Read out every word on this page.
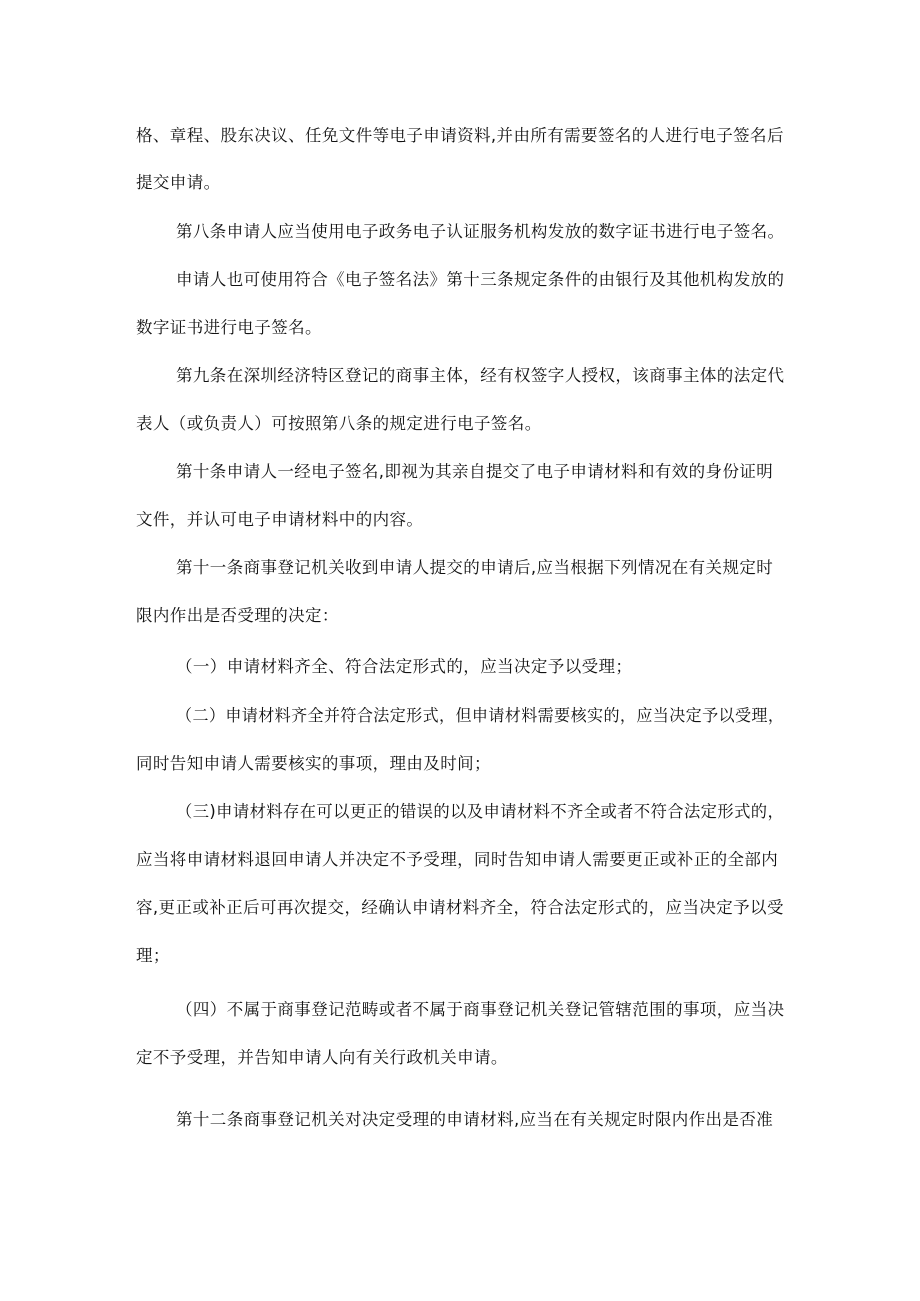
格、章程、股东决议、任免文件等电子申请资料,并由所有需要签名的人进行电子签名后
提交申请。
第八条申请人应当使用电子政务电子认证服务机构发放的数字证书进行电子签名。
申请人也可使用符合《电子签名法》第十三条规定条件的由银行及其他机构发放的
数字证书进行电子签名。
第九条在深圳经济特区登记的商事主体，经有权签字人授权，该商事主体的法定代
表人（或负责人）可按照第八条的规定进行电子签名。
第十条申请人一经电子签名,即视为其亲自提交了电子申请材料和有效的身份证明
文件，并认可电子申请材料中的内容。
第十一条商事登记机关收到申请人提交的申请后,应当根据下列情况在有关规定时
限内作出是否受理的决定：
（一）申请材料齐全、符合法定形式的，应当决定予以受理；
（二）申请材料齐全并符合法定形式，但申请材料需要核实的，应当决定予以受理，
同时告知申请人需要核实的事项，理由及时间；
（三)申请材料存在可以更正的错误的以及申请材料不齐全或者不符合法定形式的，
应当将申请材料退回申请人并决定不予受理，同时告知申请人需要更正或补正的全部内
容,更正或补正后可再次提交，经确认申请材料齐全，符合法定形式的，应当决定予以受
理；
（四）不属于商事登记范畴或者不属于商事登记机关登记管辖范围的事项，应当决
定不予受理，并告知申请人向有关行政机关申请。
第十二条商事登记机关对决定受理的申请材料,应当在有关规定时限内作出是否准
